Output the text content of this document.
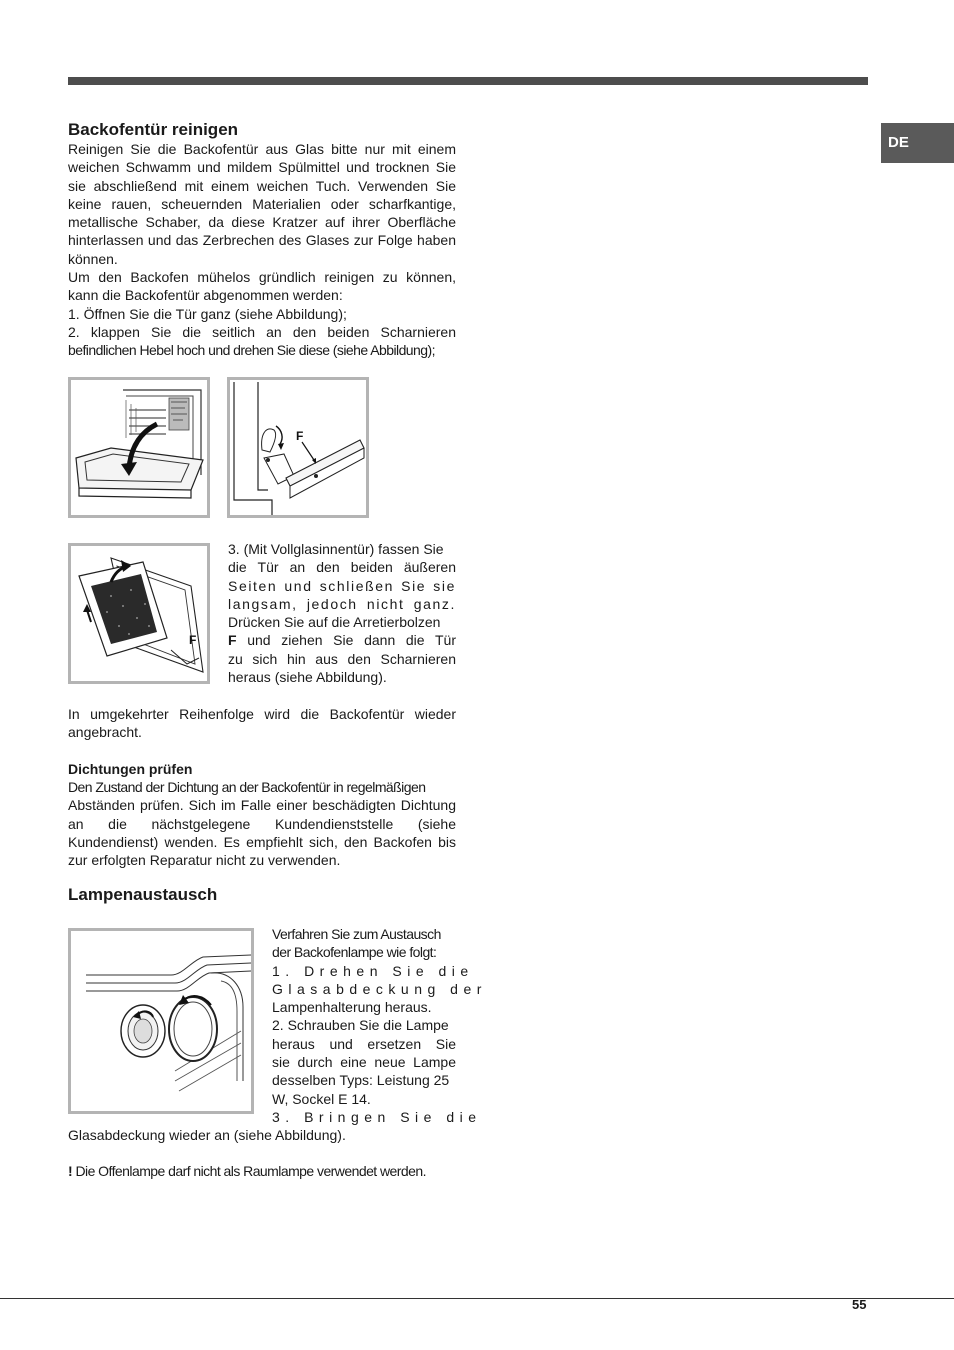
DE
Backofentür reinigen

Reinigen Sie die Backofentür aus Glas bitte nur mit einem weichen Schwamm und mildem Spülmittel und trocknen Sie sie abschließend mit einem weichen Tuch. Verwenden Sie keine rauen, scheuernden Materialien oder scharfkantige, metallische Schaber, da diese Kratzer auf ihrer Oberfläche hinterlassen und das Zerbrechen des Glases zur Folge haben können.

Um den Backofen mühelos gründlich reinigen zu können, kann die Backofentür abgenommen werden:

1. Öffnen Sie die Tür ganz (siehe Abbildung);

2. klappen Sie die seitlich an den beiden Scharnieren

befindlichen Hebel hoch und drehen Sie diese (siehe Abbildung);

F
F

3. (Mit Vollglasinnentür) fassen Sie

die Tür an den beiden äußeren

Seiten und schließen Sie sie

langsam, jedoch nicht ganz.

Drücken Sie auf die Arretierbolzen

F und ziehen Sie dann die Tür

zu sich hin aus den Scharnieren

heraus (siehe Abbildung).

In umgekehrter Reihenfolge wird die Backofentür wieder angebracht.
Dichtungen prüfen

Den Zustand der Dichtung an der Backofentür in regelmäßigen

Abständen prüfen. Sich im Falle einer beschädigten Dichtung an die nächstgelegene Kundendienststelle (siehe Kundendienst) wenden. Es empfiehlt sich, den Backofen bis zur erfolgten Reparatur nicht zu verwenden.

Lampenaustausch

Verfahren Sie zum Austausch

der Backofenlampe wie folgt:

1. Drehen Sie die

Glasabdeckung der

Lampenhalterung heraus.

2. Schrauben Sie die Lampe

heraus und ersetzen Sie

sie durch eine neue Lampe

desselben Typs: Leistung 25

W, Sockel E 14.

3. Bringen Sie die

Glasabdeckung wieder an (siehe Abbildung).
! Die Offenlampe darf nicht als Raumlampe verwendet werden.
55
